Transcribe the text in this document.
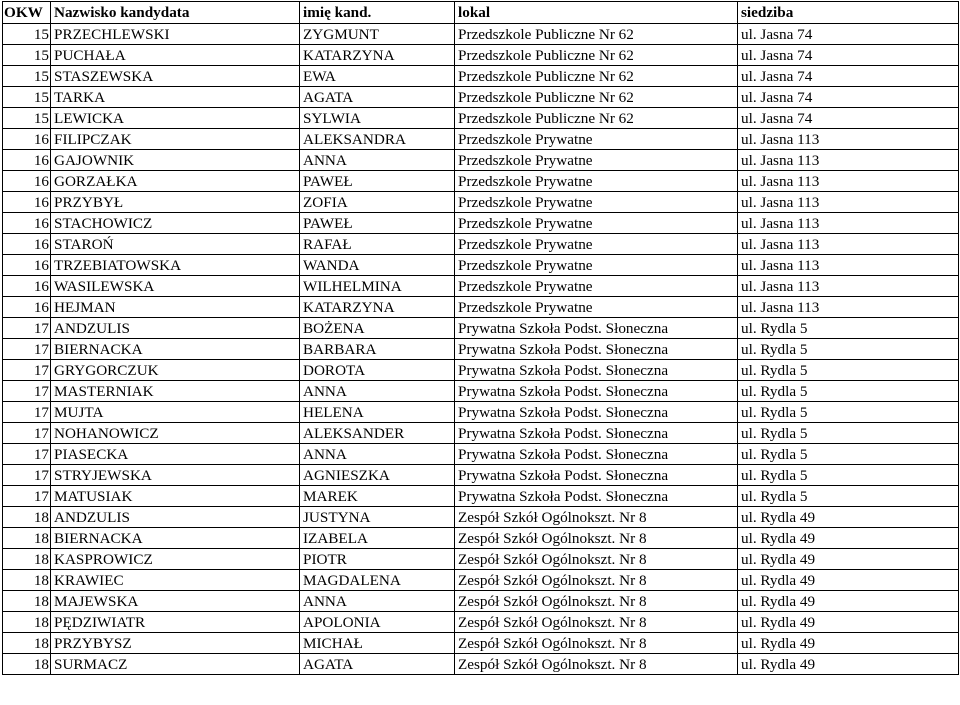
OKW	Nazwisko kandydata	imię kand.	lokal	siedziba
15	PRZECHLEWSKI	ZYGMUNT	Przedszkole Publiczne Nr 62	ul. Jasna 74
15	PUCHAŁA	KATARZYNA	Przedszkole Publiczne Nr 62	ul. Jasna 74
15	STASZEWSKA	EWA	Przedszkole Publiczne Nr 62	ul. Jasna 74
15	TARKA	AGATA	Przedszkole Publiczne Nr 62	ul. Jasna 74
15	LEWICKA	SYLWIA	Przedszkole Publiczne Nr 62	ul. Jasna 74
16	FILIPCZAK	ALEKSANDRA	Przedszkole Prywatne	ul. Jasna 113
16	GAJOWNIK	ANNA	Przedszkole Prywatne	ul. Jasna 113
16	GORZAŁKA	PAWEŁ	Przedszkole Prywatne	ul. Jasna 113
16	PRZYBYŁ	ZOFIA	Przedszkole Prywatne	ul. Jasna 113
16	STACHOWICZ	PAWEŁ	Przedszkole Prywatne	ul. Jasna 113
16	STAROŃ	RAFAŁ	Przedszkole Prywatne	ul. Jasna 113
16	TRZEBIATOWSKA	WANDA	Przedszkole Prywatne	ul. Jasna 113
16	WASILEWSKA	WILHELMINA	Przedszkole Prywatne	ul. Jasna 113
16	HEJMAN	KATARZYNA	Przedszkole Prywatne	ul. Jasna 113
17	ANDZULIS	BOŻENA	Prywatna Szkoła Podst. Słoneczna	ul. Rydla 5
17	BIERNACKA	BARBARA	Prywatna Szkoła Podst. Słoneczna	ul. Rydla 5
17	GRYGORCZUK	DOROTA	Prywatna Szkoła Podst. Słoneczna	ul. Rydla 5
17	MASTERNIAK	ANNA	Prywatna Szkoła Podst. Słoneczna	ul. Rydla 5
17	MUJTA	HELENA	Prywatna Szkoła Podst. Słoneczna	ul. Rydla 5
17	NOHANOWICZ	ALEKSANDER	Prywatna Szkoła Podst. Słoneczna	ul. Rydla 5
17	PIASECKA	ANNA	Prywatna Szkoła Podst. Słoneczna	ul. Rydla 5
17	STRYJEWSKA	AGNIESZKA	Prywatna Szkoła Podst. Słoneczna	ul. Rydla 5
17	MATUSIAK	MAREK	Prywatna Szkoła Podst. Słoneczna	ul. Rydla 5
18	ANDZULIS	JUSTYNA	Zespół Szkół Ogólnokszt. Nr 8	ul. Rydla 49
18	BIERNACKA	IZABELA	Zespół Szkół Ogólnokszt. Nr 8	ul. Rydla 49
18	KASPROWICZ	PIOTR	Zespół Szkół Ogólnokszt. Nr 8	ul. Rydla 49
18	KRAWIEC	MAGDALENA	Zespół Szkół Ogólnokszt. Nr 8	ul. Rydla 49
18	MAJEWSKA	ANNA	Zespół Szkół Ogólnokszt. Nr 8	ul. Rydla 49
18	PĘDZIWIATR	APOLONIA	Zespół Szkół Ogólnokszt. Nr 8	ul. Rydla 49
18	PRZYBYSZ	MICHAŁ	Zespół Szkół Ogólnokszt. Nr 8	ul. Rydla 49
18	SURMACZ	AGATA	Zespół Szkół Ogólnokszt. Nr 8	ul. Rydla 49
